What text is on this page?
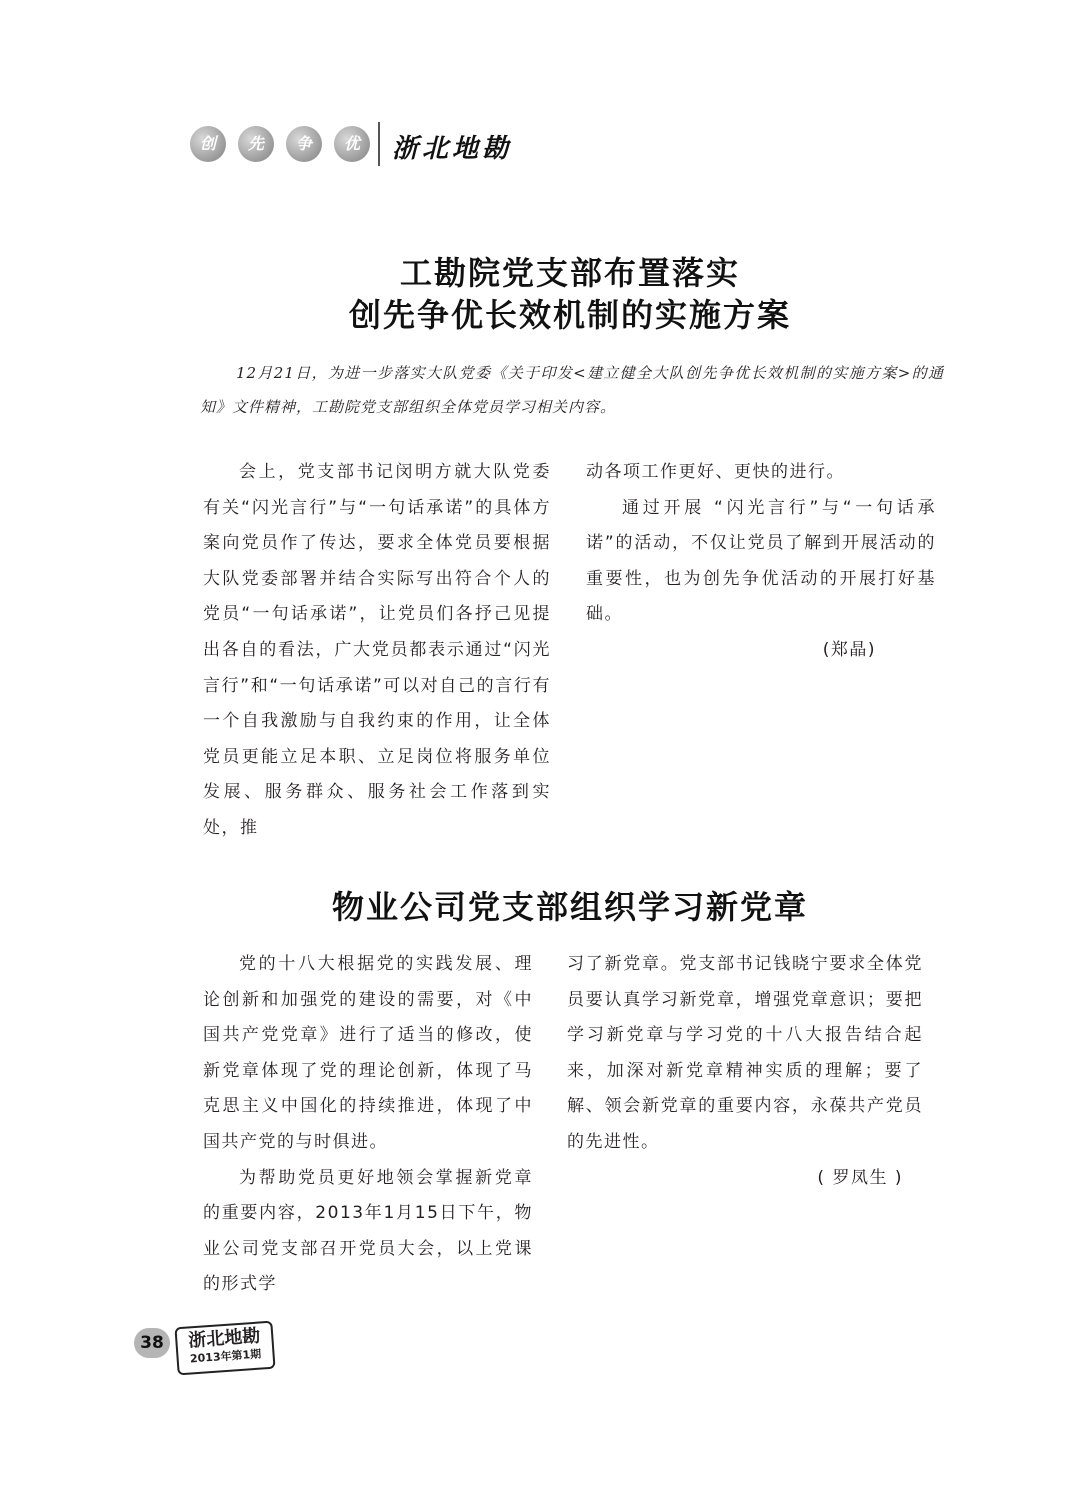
创	先	争	优	浙北地勘
工勘院党支部布置落实
创先争优长效机制的实施方案
12月21日，为进一步落实大队党委《关于印发<建立健全大队创先争优长效机制的实施方案>的通知》文件精神，工勘院党支部组织全体党员学习相关内容。

会上，党支部书记闵明方就大队党委有关“闪光言行”与“一句话承诺”的具体方案向党员作了传达，要求全体党员要根据大队党委部署并结合实际写出符合个人的党员“一句话承诺”，让党员们各抒己见提出各自的看法，广大党员都表示通过“闪光言行”和“一句话承诺”可以对自己的言行有一个自我激励与自我约束的作用，让全体党员更能立足本职、立足岗位将服务单位发展、服务群众、服务社会工作落到实处，推

动各项工作更好、更快的进行。

通过开展 “闪光言行”与“一句话承诺”的活动，不仅让党员了解到开展活动的重要性，也为创先争优活动的开展打好基础。

(郑晶)

物业公司党支部组织学习新党章

党的十八大根据党的实践发展、理论创新和加强党的建设的需要，对《中国共产党党章》进行了适当的修改，使新党章体现了党的理论创新，体现了马克思主义中国化的持续推进，体现了中国共产党的与时俱进。

为帮助党员更好地领会掌握新党章的重要内容，2013年1月15日下午，物业公司党支部召开党员大会，以上党课的形式学

习了新党章。党支部书记钱晓宁要求全体党员要认真学习新党章，增强党章意识；要把学习新党章与学习党的十八大报告结合起来，加深对新党章精神实质的理解；要了解、领会新党章的重要内容，永葆共产党员的先进性。

( 罗凤生 )

38	浙北地勘
2013年第1期
